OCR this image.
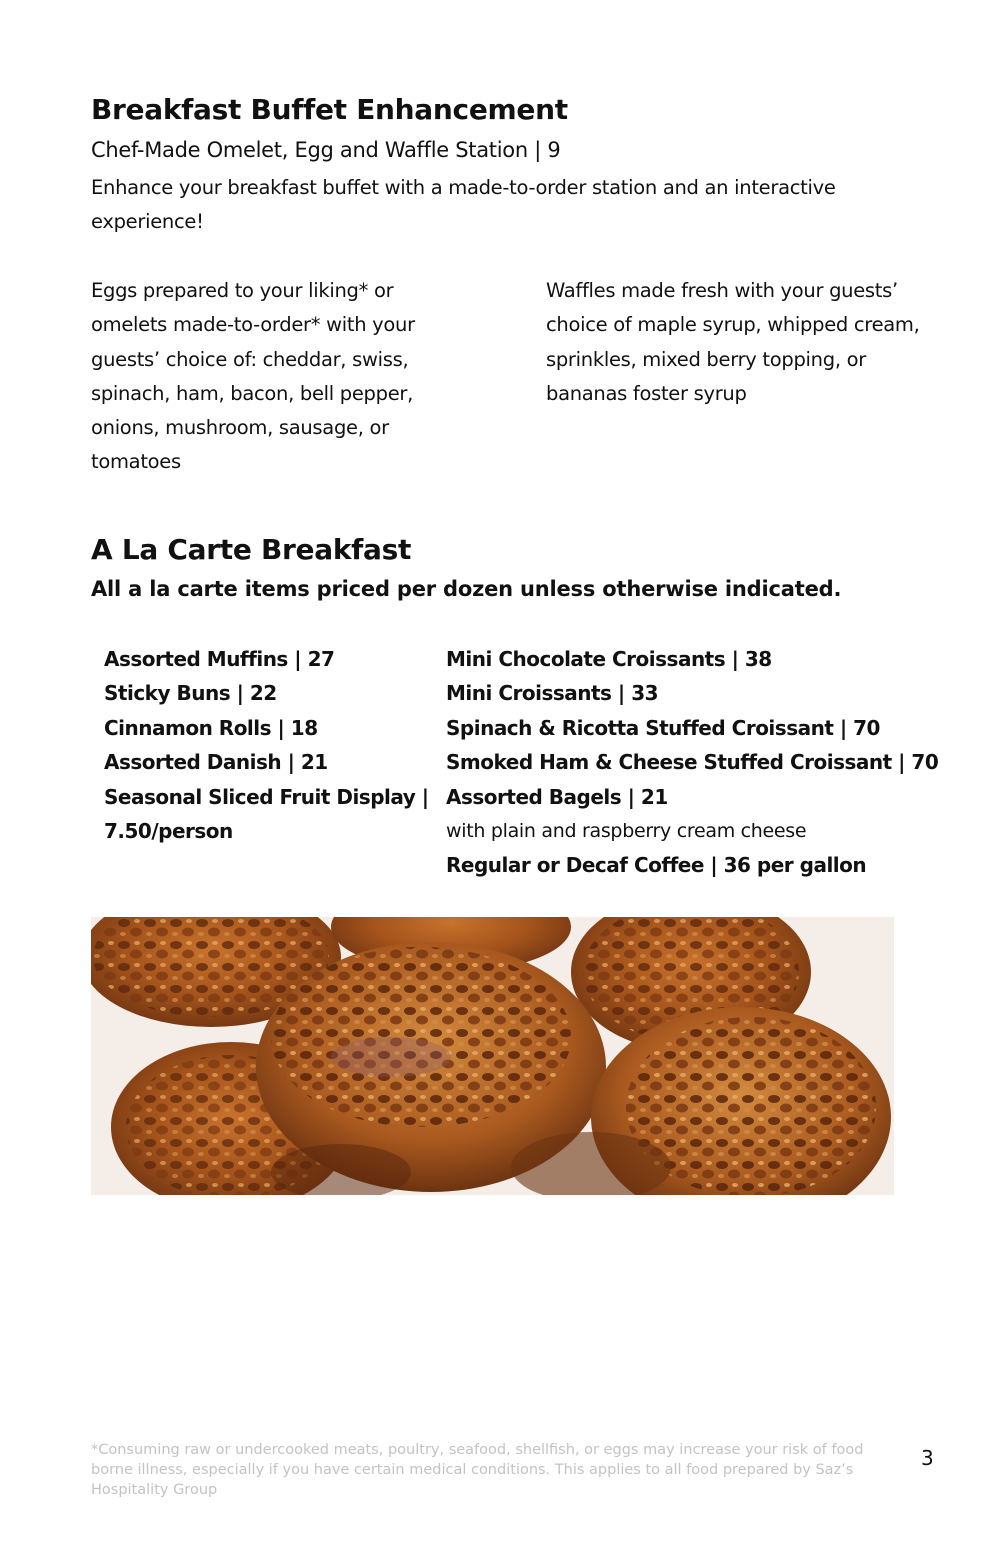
Breakfast Buffet Enhancement
Chef-Made Omelet, Egg and Waffle Station | 9
Enhance your breakfast buffet with a made-to-order station and an interactive
experience!
Eggs prepared to your liking* or
omelets made-to-order* with your
guests’ choice of: cheddar, swiss,
spinach, ham, bacon, bell pepper,
onions, mushroom, sausage, or
tomatoes
Waffles made fresh with your guests’
choice of maple syrup, whipped cream,
sprinkles, mixed berry topping, or
bananas foster syrup
A La Carte Breakfast
All a la carte items priced per dozen unless otherwise indicated.
Assorted Muffins | 27
Sticky Buns | 22
Cinnamon Rolls | 18
Assorted Danish | 21
Seasonal Sliced Fruit Display |
7.50/person
Mini Chocolate Croissants | 38
Mini Croissants | 33
Spinach & Ricotta Stuffed Croissant | 70
Smoked Ham & Cheese Stuffed Croissant | 70
Assorted Bagels | 21
with plain and raspberry cream cheese
Regular or Decaf Coffee | 36 per gallon
*Consuming raw or undercooked meats, poultry, seafood, shellfish, or eggs may increase your risk of food
borne illness, especially if you have certain medical conditions. This applies to all food prepared by Saz’s
Hospitality Group
3
